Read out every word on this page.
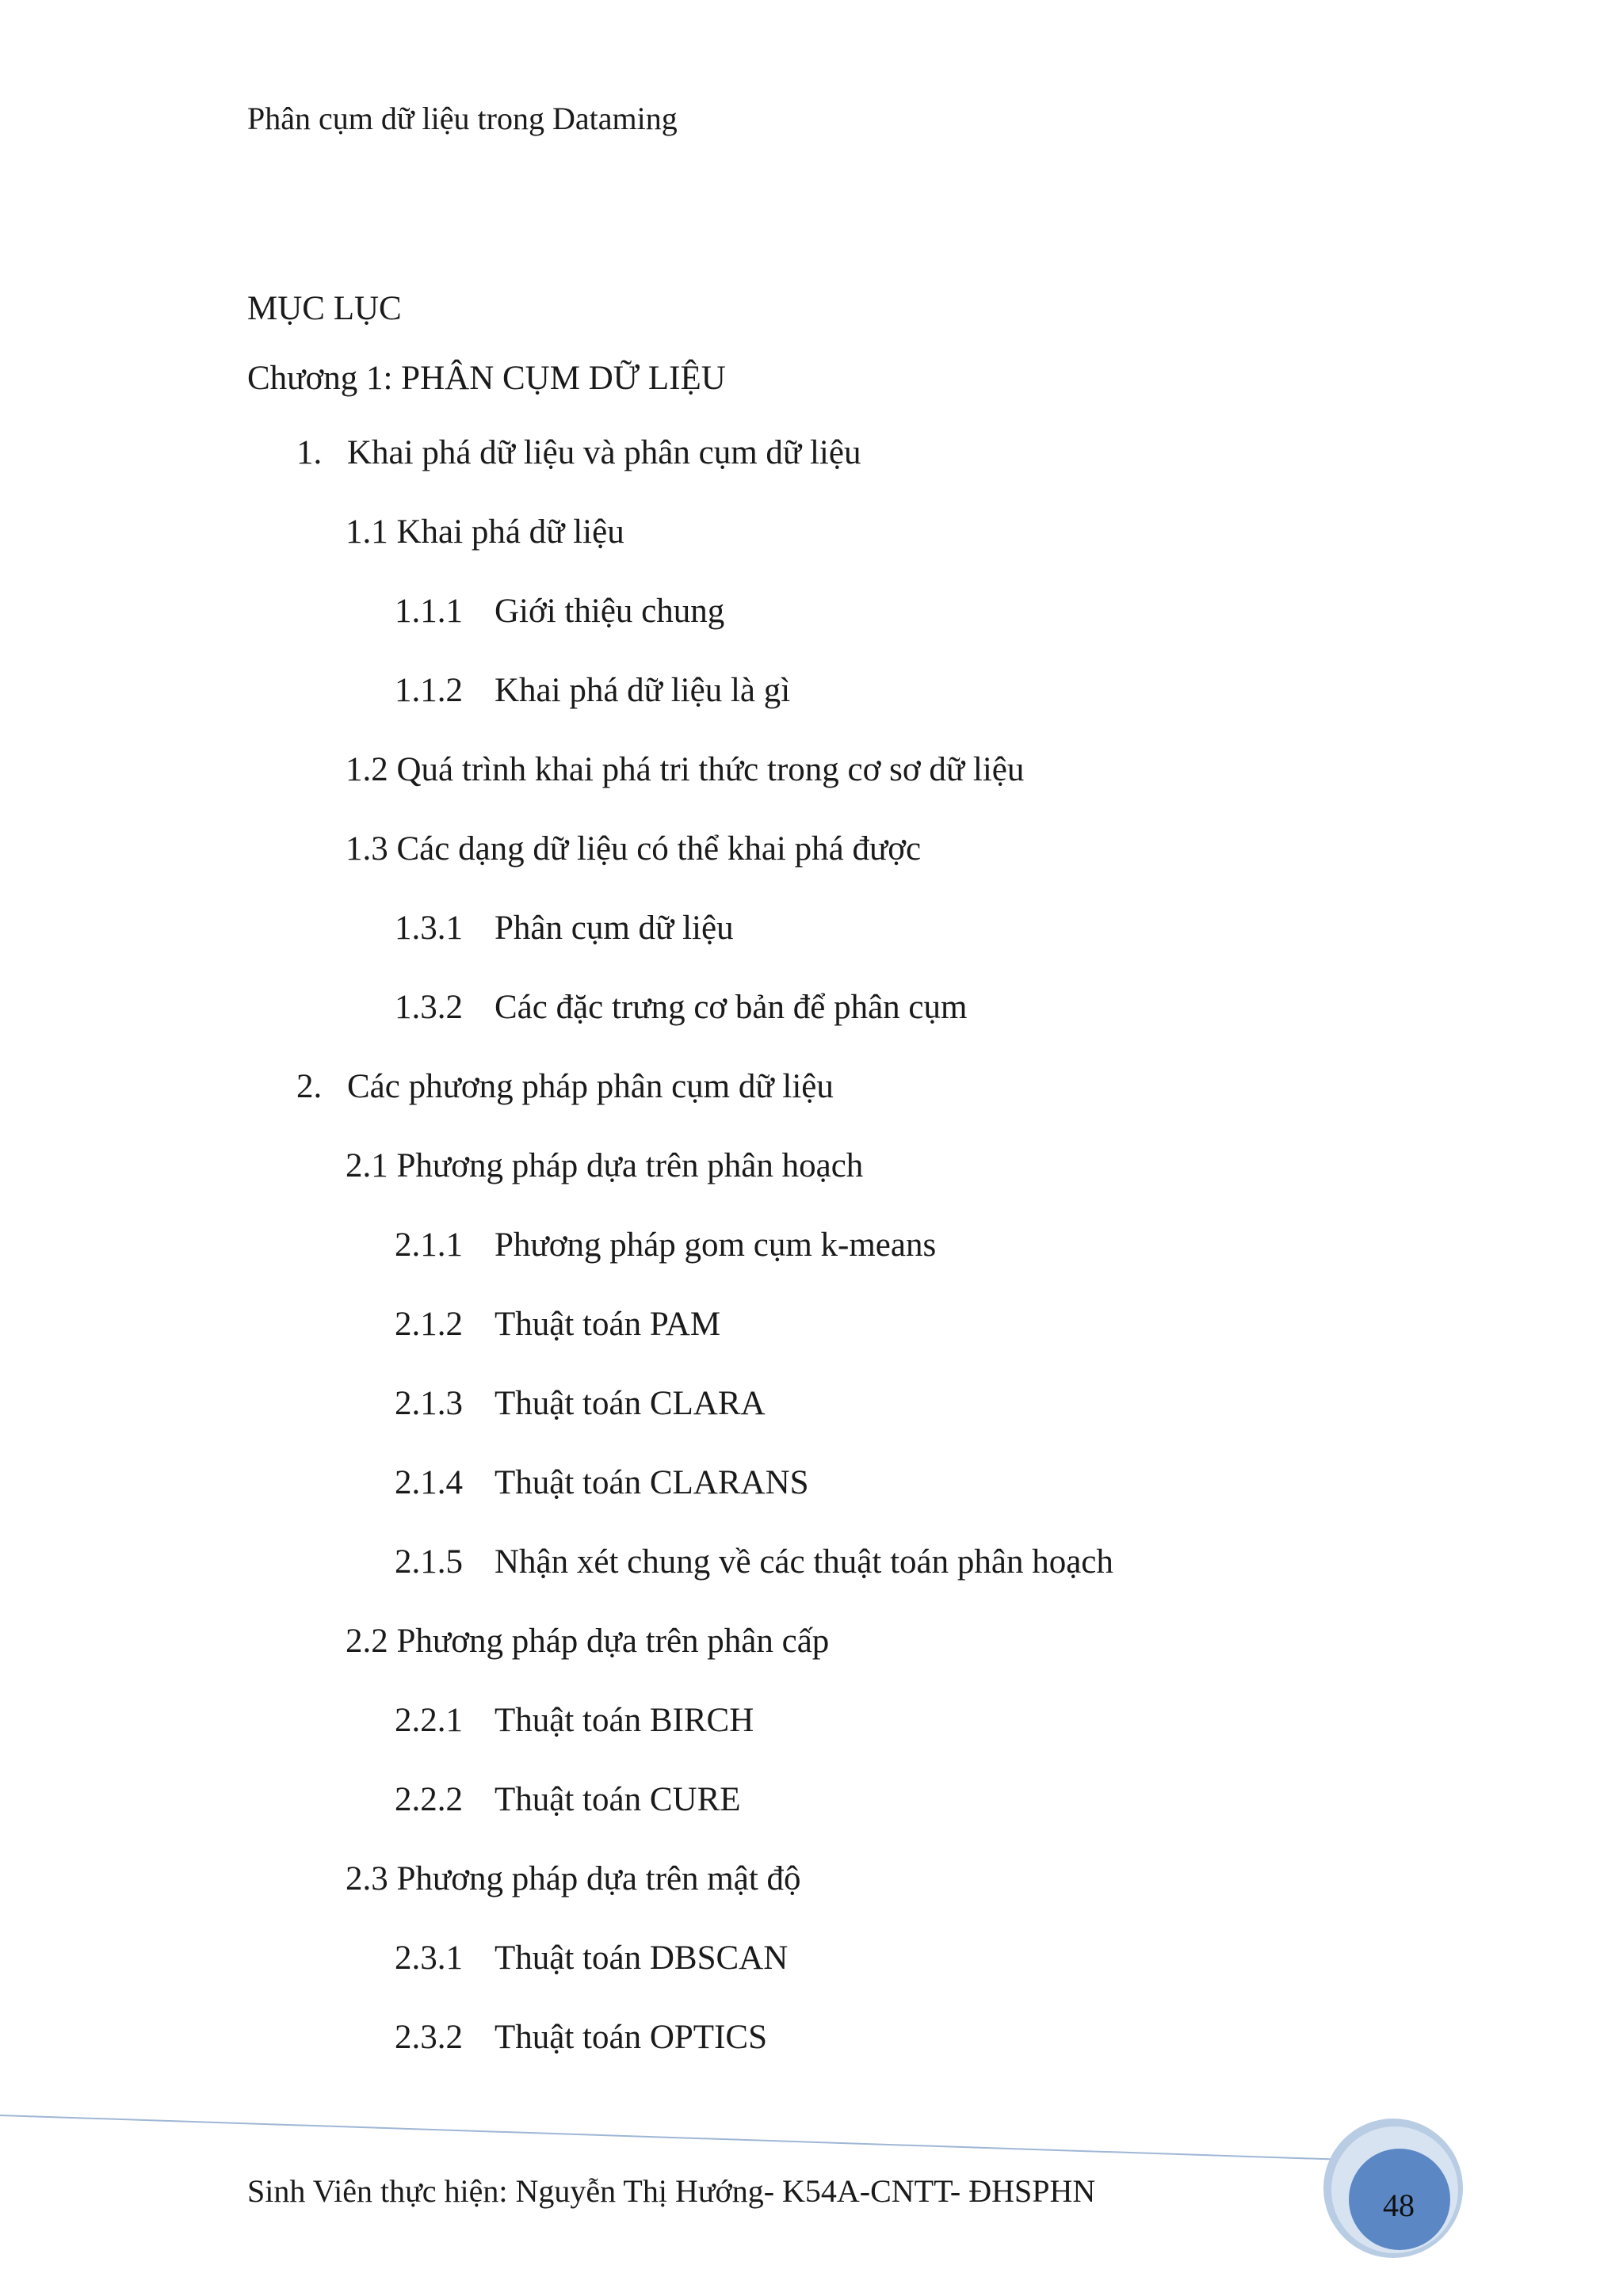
Phân cụm dữ liệu trong Dataming
MỤC LỤC
Chương 1: PHÂN CỤM DỮ LIỆU
1. Khai phá dữ liệu và phân cụm dữ liệu
1.1 Khai phá dữ liệu
1.1.1 Giới thiệu chung
1.1.2 Khai phá dữ liệu là gì
1.2 Quá trình khai phá tri thức trong cơ sơ dữ liệu
1.3 Các dạng dữ liệu có thể khai phá được
1.3.1 Phân cụm dữ liệu
1.3.2 Các đặc trưng cơ bản để phân cụm
2. Các phương pháp phân cụm dữ liệu
2.1 Phương pháp dựa trên phân hoạch
2.1.1 Phương pháp gom cụm k-means
2.1.2 Thuật toán PAM
2.1.3 Thuật toán CLARA
2.1.4 Thuật toán CLARANS
2.1.5 Nhận xét chung về các thuật toán phân hoạch
2.2 Phương pháp dựa trên phân cấp
2.2.1 Thuật toán BIRCH
2.2.2 Thuật toán CURE
2.3 Phương pháp dựa trên mật độ
2.3.1 Thuật toán DBSCAN
2.3.2 Thuật toán OPTICS
48
Sinh Viên thực hiện: Nguyễn Thị Hướng- K54A-CNTT- ĐHSPHN
